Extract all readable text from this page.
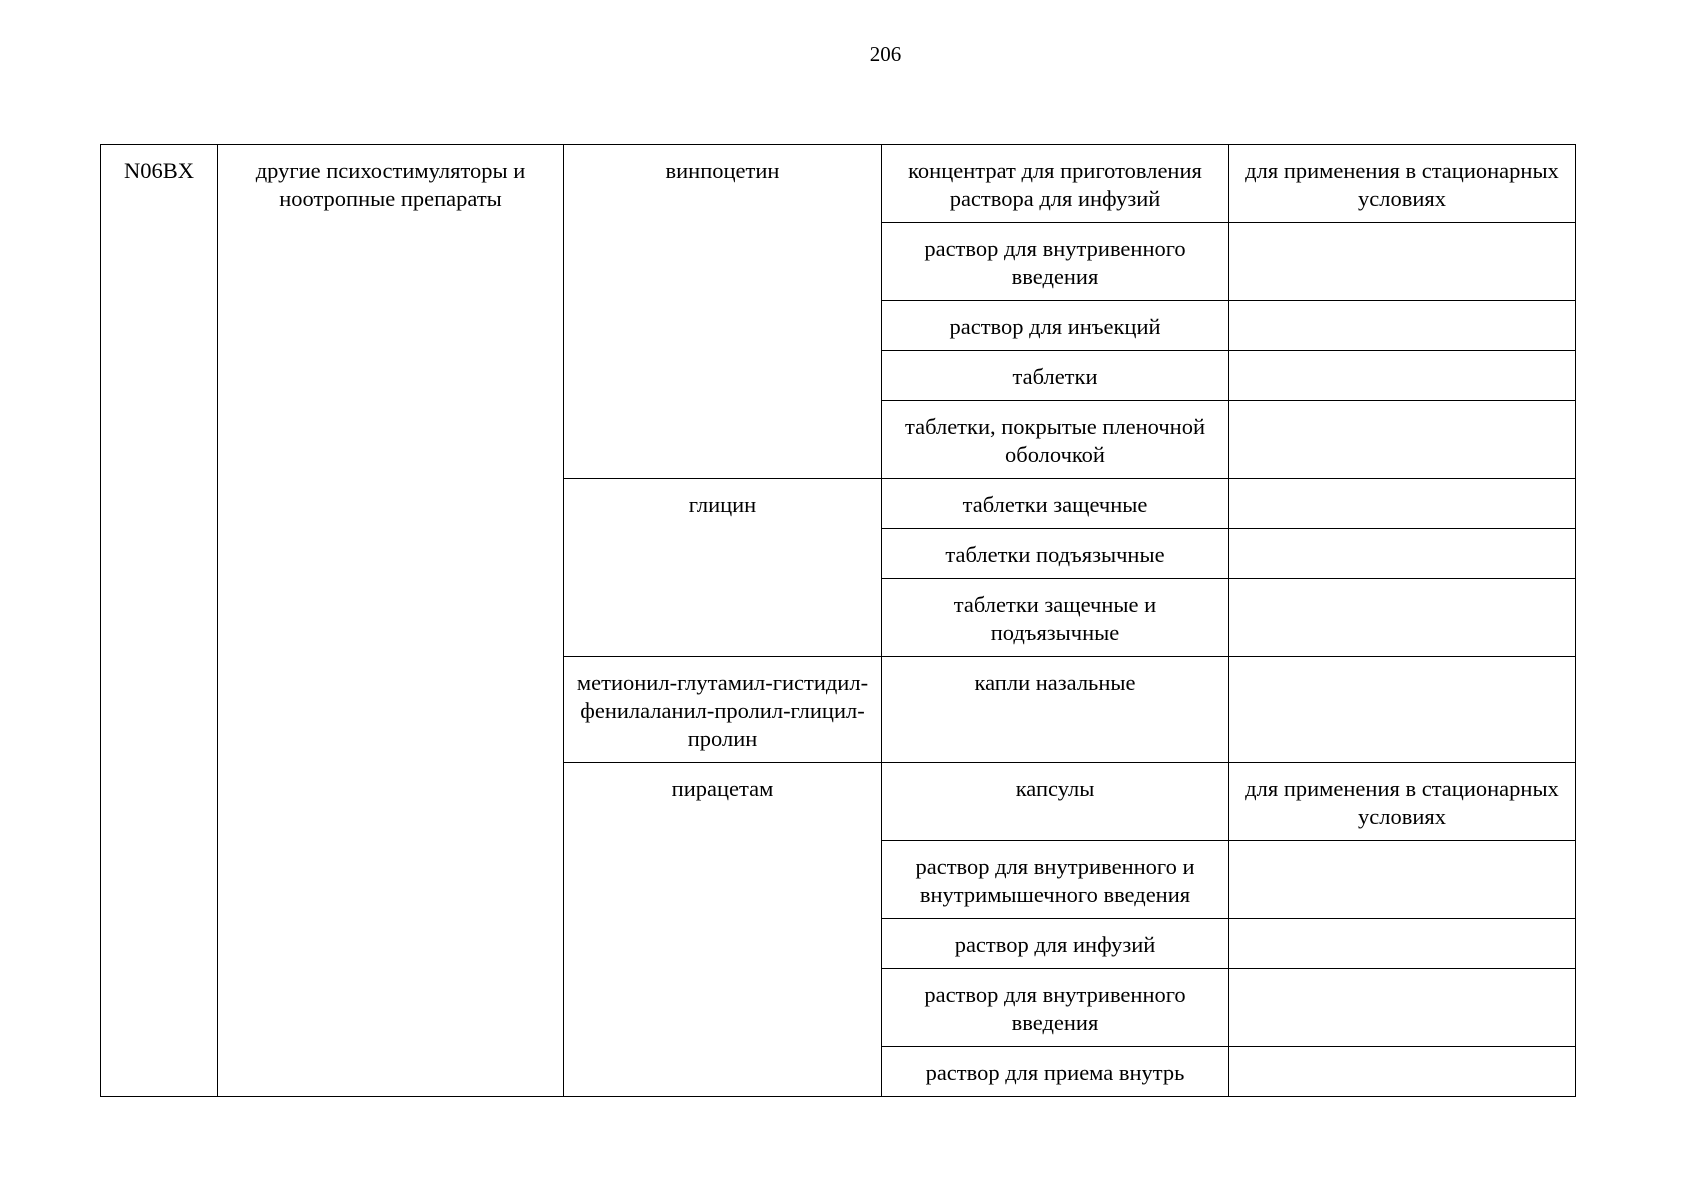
206
N06BX	другие психостимуляторы и ноотропные препараты	винпоцетин	концентрат для приготовления раствора для инфузий	для применения в стационарных условиях
			раствор для внутривенного введения	
			раствор для инъекций	
			таблетки	
			таблетки, покрытые пленочной оболочкой	
		глицин	таблетки защечные	
			таблетки подъязычные	
			таблетки защечные и подъязычные	
		метионил-глутамил-гистидил-фенилаланил-пролил-глицил-пролин	капли назальные	
		пирацетам	капсулы	для применения в стационарных условиях
			раствор для внутривенного и внутримышечного введения	
			раствор для инфузий	
			раствор для внутривенного введения	
			раствор для приема внутрь	
